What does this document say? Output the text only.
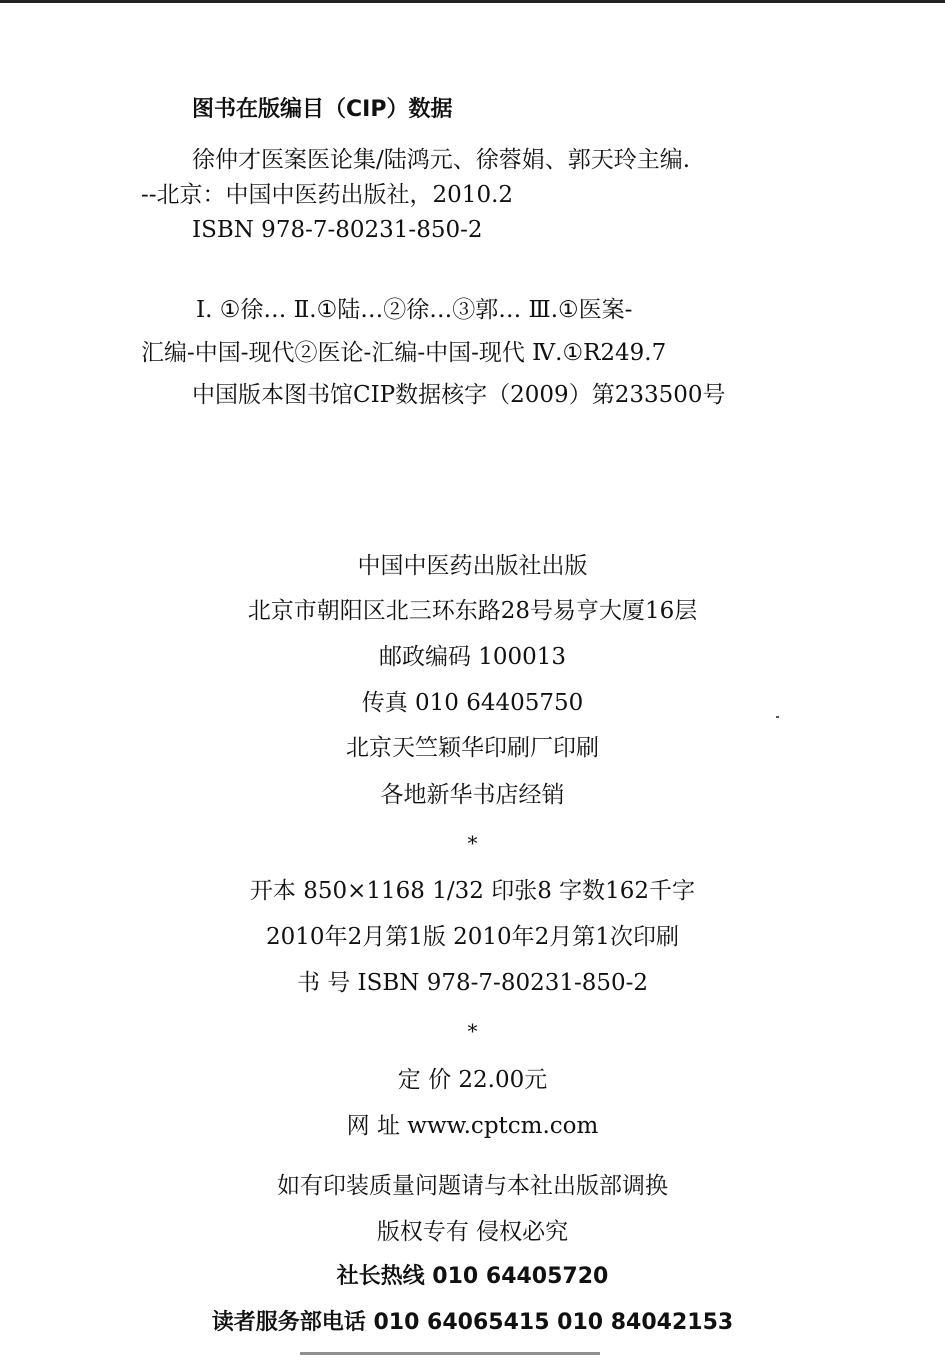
图书在版编目（CIP）数据
徐仲才医案医论集/陆鸿元、徐蓉娟、郭天玲主编.
--北京：中国中医药出版社，2010.2
ISBN 978-7-80231-850-2
Ⅰ. ①徐… Ⅱ.①陆…②徐…③郭… Ⅲ.①医案-
汇编-中国-现代②医论-汇编-中国-现代 Ⅳ.①R249.7
中国版本图书馆CIP数据核字（2009）第233500号
中国中医药出版社出版
北京市朝阳区北三环东路28号易亨大厦16层
邮政编码 100013
传真 010 64405750
北京天竺颖华印刷厂印刷
各地新华书店经销
*
开本 850×1168 1/32 印张8 字数162千字
2010年2月第1版 2010年2月第1次印刷
书 号 ISBN 978-7-80231-850-2
*
定 价 22.00元
网 址 www.cptcm.com
如有印装质量问题请与本社出版部调换
版权专有 侵权必究
社长热线 010 64405720
读者服务部电话 010 64065415 010 84042153
